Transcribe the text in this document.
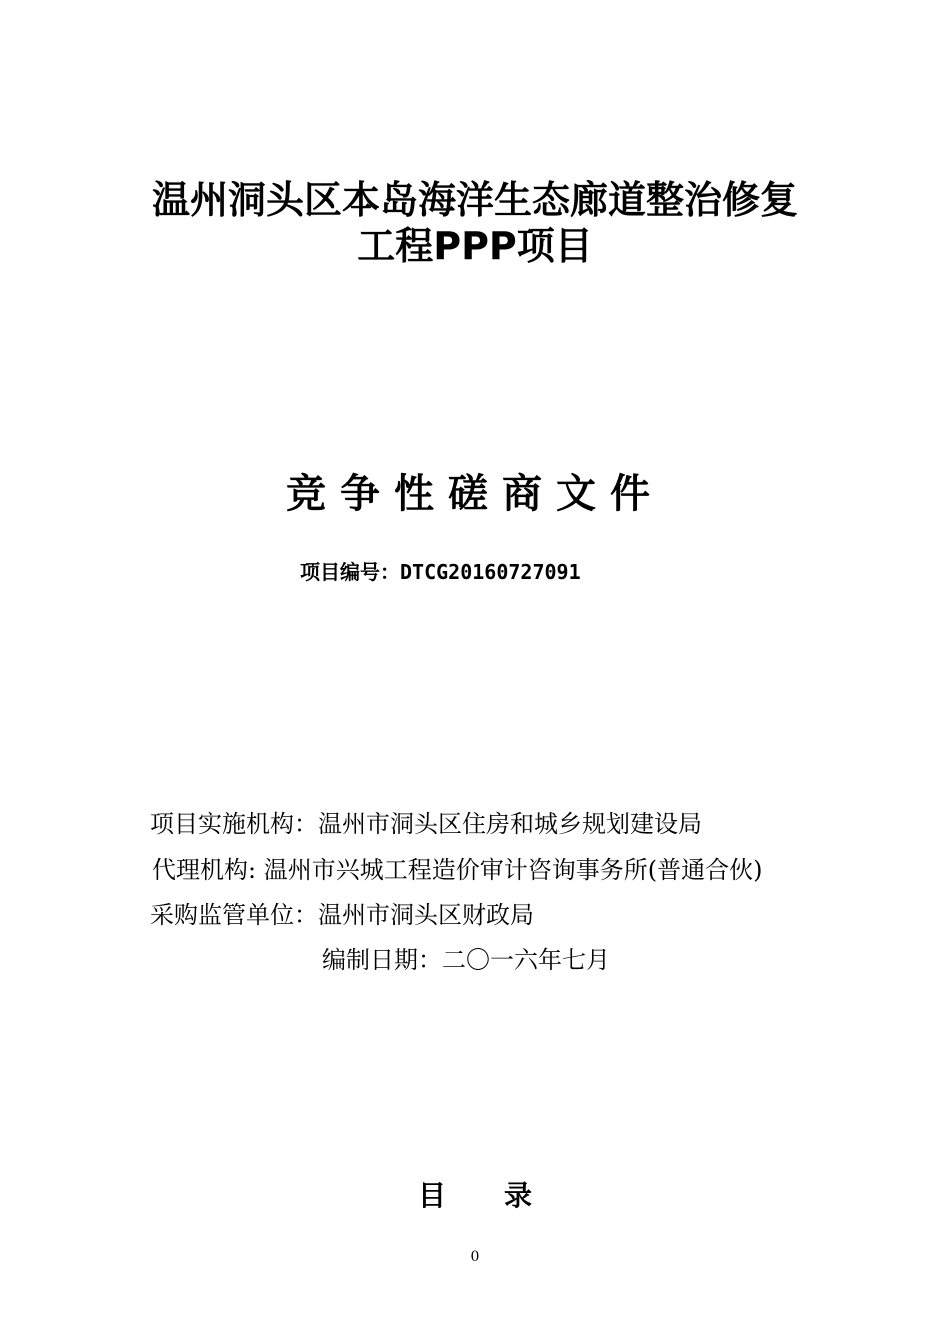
温州洞头区本岛海洋生态廊道整治修复
工程PPP项目
竞争性磋商文件
项目编号：DTCG20160727091
项目实施机构：温州市洞头区住房和城乡规划建设局
代理机构: 温州市兴城工程造价审计咨询事务所(普通合伙)
采购监管单位：温州市洞头区财政局
编制日期：二〇一六年七月
目 录
0
